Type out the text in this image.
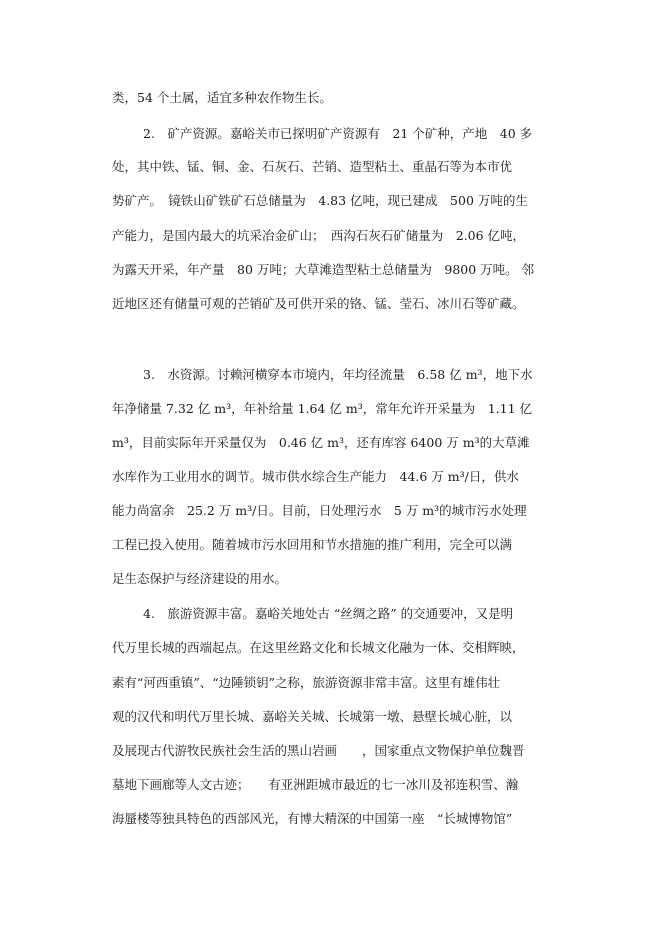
类，54 个土属，适宜多种农作物生长。
2.　矿产资源。嘉峪关市已探明矿产资源有　21 个矿种，产地　40 多
处，其中铁、锰、铜、金、石灰石、芒销、造型粘土、重晶石等为本市优
势矿产。　镜铁山矿铁矿石总储量为　4.83 亿吨，现已建成　500 万吨的生
产能力，是国内最大的坑采冶金矿山；　西沟石灰石矿储量为　2.06 亿吨，
为露天开采，年产量　80 万吨；大草滩造型粘土总储量为　9800 万吨。 邻
近地区还有储量可观的芒销矿及可供开采的铬、锰、莹石、冰川石等矿藏。
3.　水资源。讨赖河横穿本市境内，年均径流量　6.58 亿 m³，地下水
年净储量 7.32 亿 m³，年补给量 1.64 亿 m³，常年允许开采量为　1.11 亿
m³，目前实际年开采量仅为　0.46 亿 m³，还有库容 6400 万 m³的大草滩
水库作为工业用水的调节。城市供水综合生产能力　44.6 万 m³/日，供水
能力尚富余　25.2 万 m³/日。目前，日处理污水　5 万 m³的城市污水处理
工程已投入使用。随着城市污水回用和节水措施的推广利用，完全可以满
足生态保护与经济建设的用水。
4.　旅游资源丰富。嘉峪关地处古 “丝绸之路” 的交通要冲，又是明
代万里长城的西端起点。在这里丝路文化和长城文化融为一体、交相辉映，
素有“河西重镇”、“边陲锁钥”之称，旅游资源非常丰富。这里有雄伟壮
观的汉代和明代万里长城、嘉峪关关城、长城第一墩、悬壁长城心脏，以
及展现古代游牧民族社会生活的黑山岩画　　，国家重点文物保护单位魏晋
墓地下画廊等人文古迹；　　有亚洲距城市最近的七一冰川及祁连积雪、瀚
海蜃楼等独具特色的西部风光，有博大精深的中国第一座　“长城博物馆”
